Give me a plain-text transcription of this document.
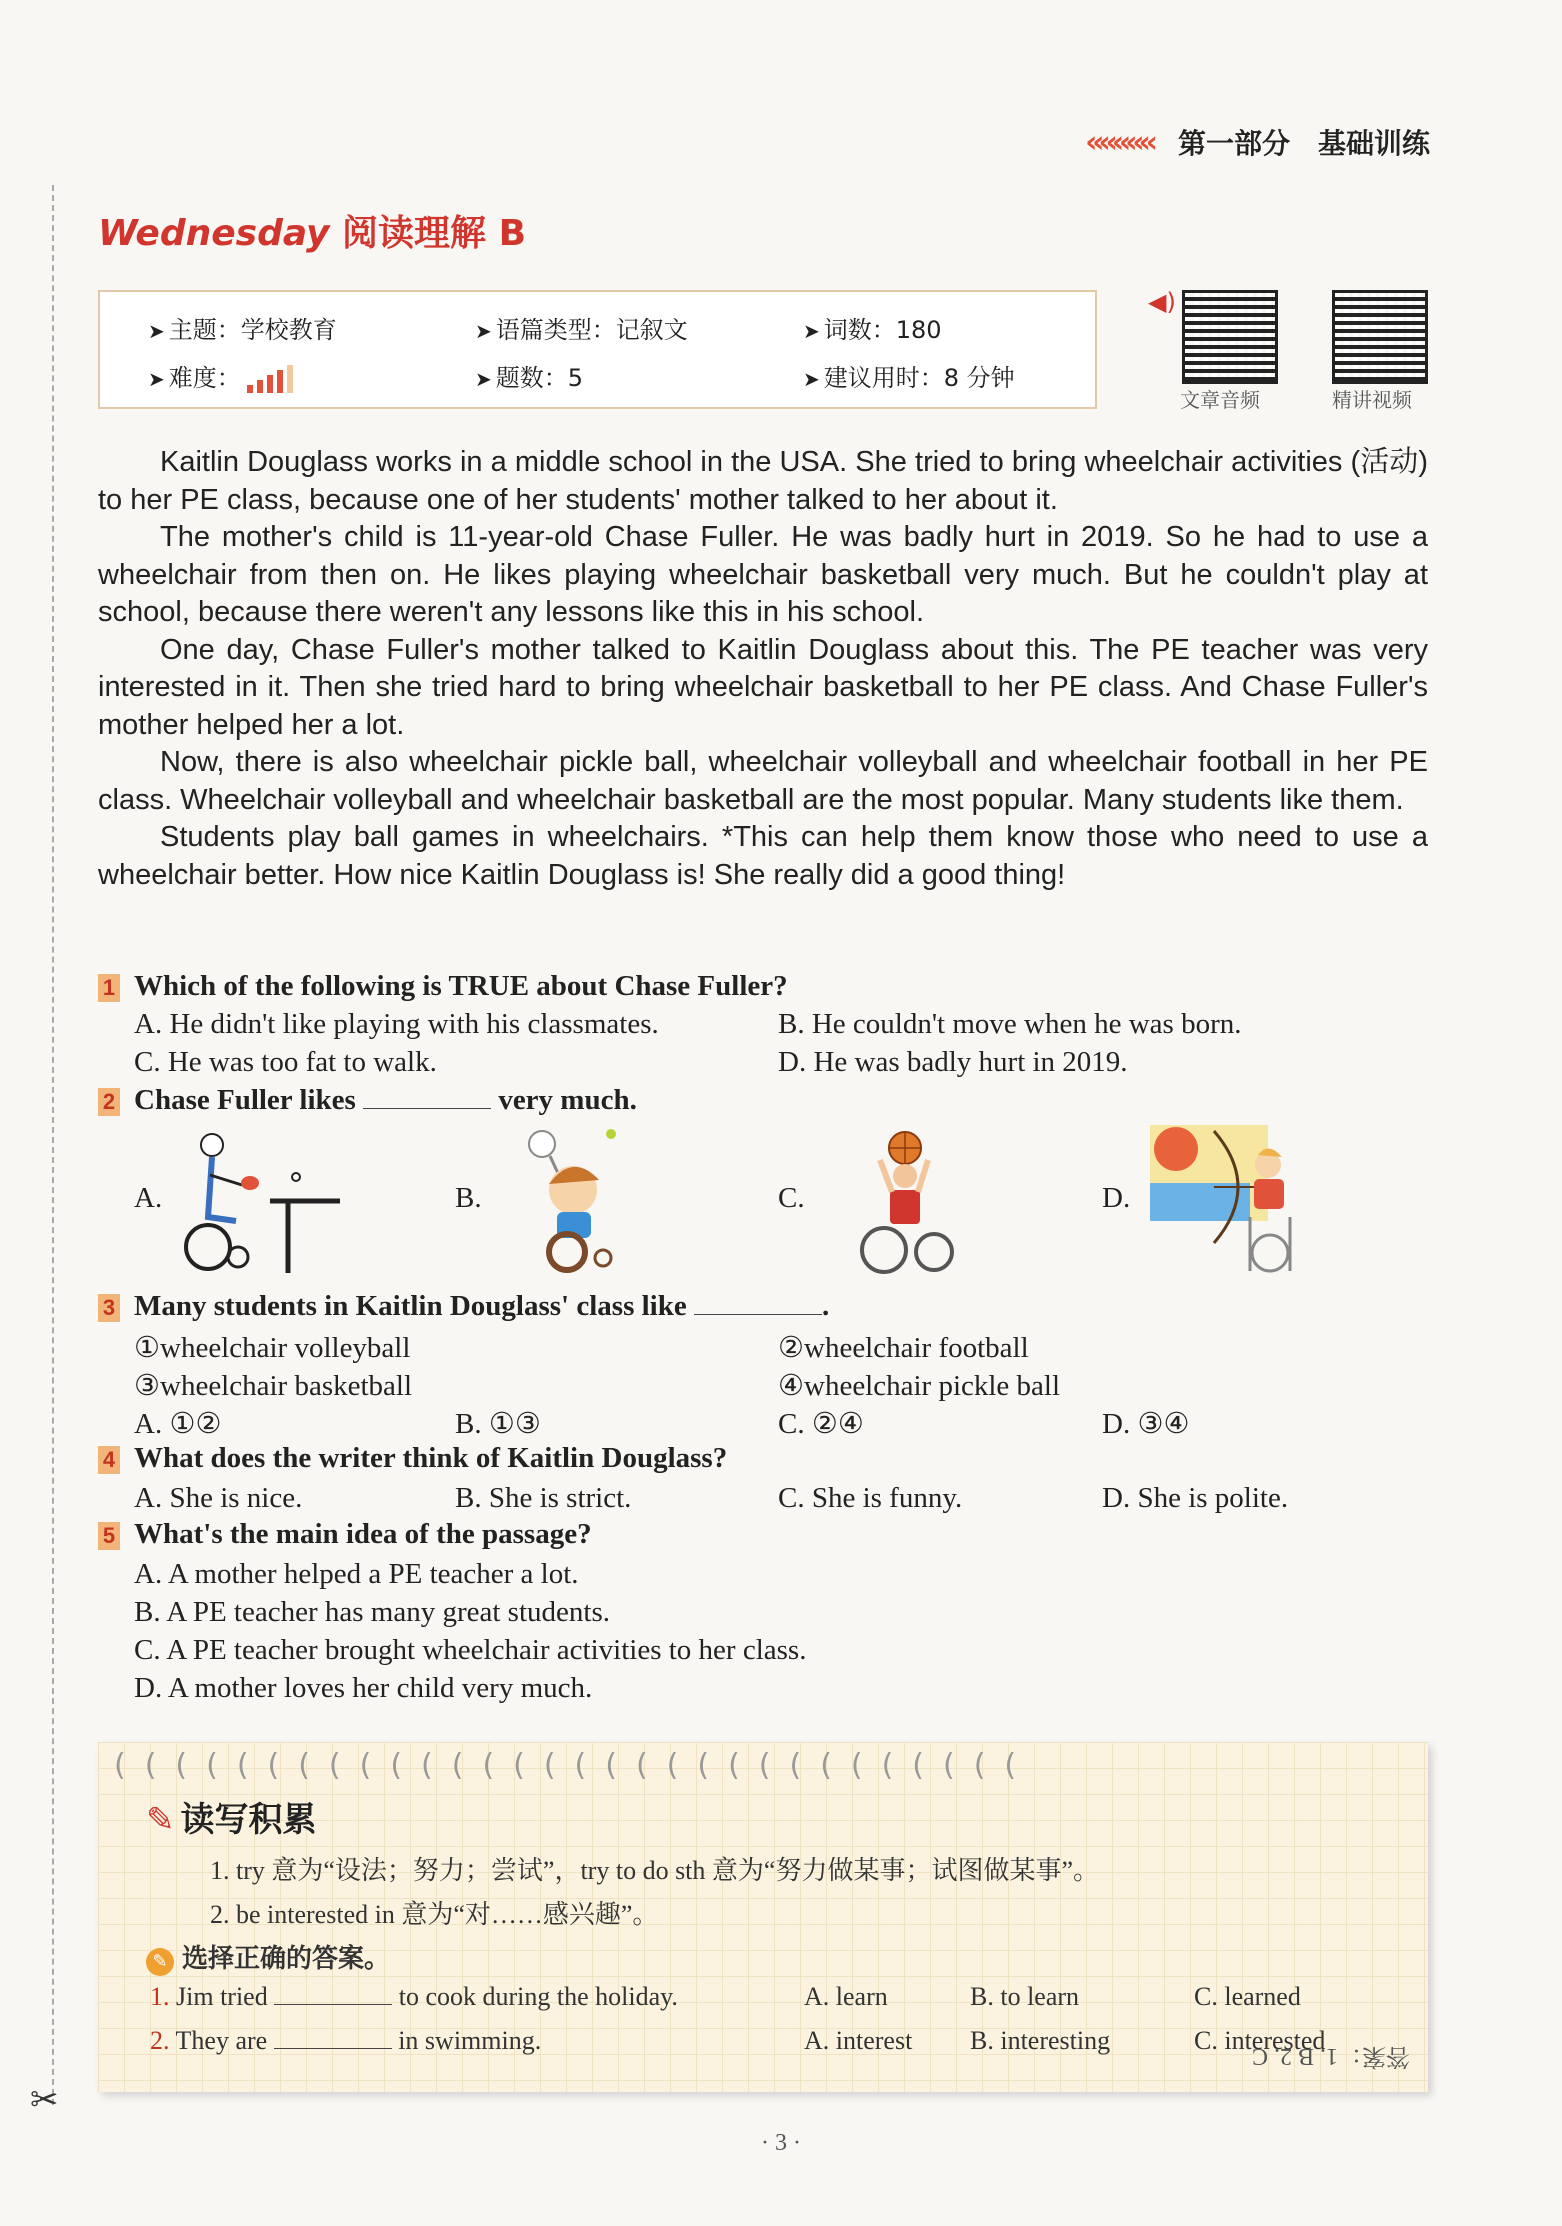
✂
««««« 第一部分 基础训练
Wednesday 阅读理解 B
➤ 主题：学校教育	➤ 语篇类型：记叙文	➤ 词数：180
➤ 难度：	➤ 题数：5	➤ 建议用时：8 分钟
◀)
文章音频	精讲视频

Kaitlin Douglass works in a middle school in the USA. She tried to bring wheelchair activities (活动) to her PE class, because one of her students' mother talked to her about it.

The mother's child is 11-year-old Chase Fuller. He was badly hurt in 2019. So he had to use a wheelchair from then on. He likes playing wheelchair basketball very much. But he couldn't play at school, because there weren't any lessons like this in his school.

One day, Chase Fuller's mother talked to Kaitlin Douglass about this. The PE teacher was very interested in it. Then she tried hard to bring wheelchair basketball to her PE class. And Chase Fuller's mother helped her a lot.

Now, there is also wheelchair pickle ball, wheelchair volleyball and wheelchair football in her PE class. Wheelchair volleyball and wheelchair basketball are the most popular. Many students like them.

Students play ball games in wheelchairs. *This can help them know those who need to use a wheelchair better. How nice Kaitlin Douglass is! She really did a good thing!

1 Which of the following is TRUE about Chase Fuller?
A. He didn't like playing with his classmates.	B. He couldn't move when he was born.
C. He was too fat to walk.	D. He was badly hurt in 2019.
2 Chase Fuller likes	very much.
A.	B.	C.	D.
3 Many students in Kaitlin Douglass' class like	.
①wheelchair volleyball	②wheelchair football
③wheelchair basketball	④wheelchair pickle ball
A. ①②	B. ①③	C. ②④	D. ③④
4 What does the writer think of Kaitlin Douglass?
A. She is nice.	B. She is strict.	C. She is funny.	D. She is polite.
5 What's the main idea of the passage?
A. A mother helped a PE teacher a lot.
B. A PE teacher has many great students.
C. A PE teacher brought wheelchair activities to her class.
D. A mother loves her child very much.
((((((((((((((((((((((((((((((
✎ 读写积累
1. try 意为“设法；努力；尝试”，try to do sth 意为“努力做某事；试图做某事”。
2. be interested in 意为“对……感兴趣”。
✎ 选择正确的答案。
1. Jim tried	to cook during the holiday.	A. learn	B. to learn	C. learned
2. They are	in swimming.	A. interest B. interesting	C. interested
答案：1. B 2. C
· 3 ·
